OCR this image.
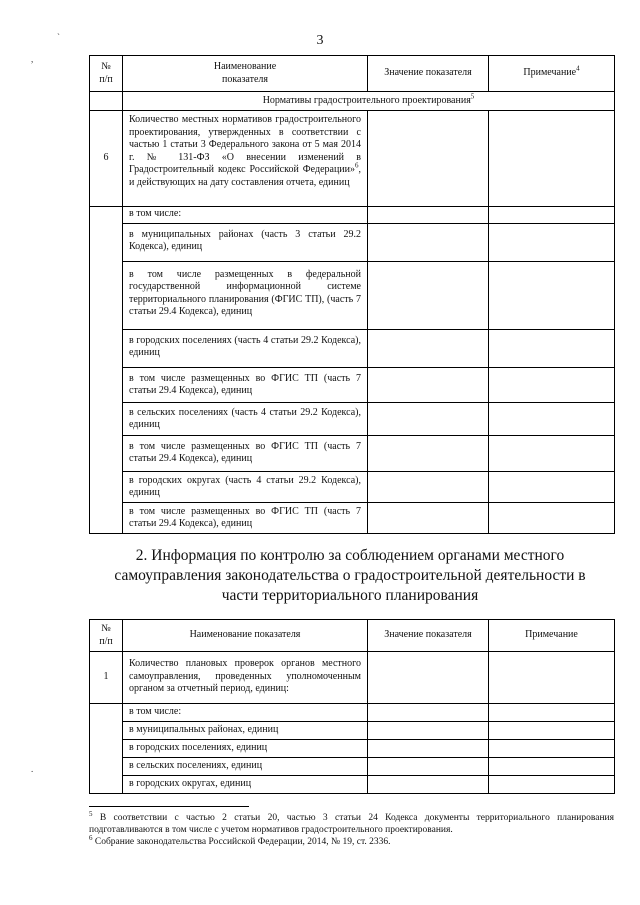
3
`
,
.
№
п/п	Наименование
показателя	Значение показателя	Примечание$^4$
	Нормативы градостроительного проектирования$^5$
6	Количество местных нормативов градостроительного проектирования, утвержденных в соответствии с частью 1 статьи 3 Федерального закона от 5 мая 2014 г. № 131-ФЗ «О внесении изменений в Градостроительный кодекс Российской Федерации»$^6$, и действующих на дату составления отчета, единиц		

	в том числе:		

	в муниципальных районах (часть 3 статьи 29.2 Кодекса), единиц		

	в том числе размещенных в федеральной государственной информационной системе территориального планирования (ФГИС ТП), (часть 7 статьи 29.4 Кодекса), единиц		

	в городских поселениях (часть 4 статьи 29.2 Кодекса), единиц		

	в том числе размещенных во ФГИС ТП (часть 7 статьи 29.4 Кодекса), единиц		

	в сельских поселениях (часть 4 статьи 29.2 Кодекса), единиц		

	в том числе размещенных во ФГИС ТП (часть 7 статьи 29.4 Кодекса), единиц		

	в городских округах (часть 4 статьи 29.2 Кодекса), единиц		

	в том числе размещенных во ФГИС ТП (часть 7 статьи 29.4 Кодекса), единиц		

2. Информация по контролю за соблюдением органами местного самоуправления законодательства о градостроительной деятельности в части территориального планирования
№
п/п	Наименование показателя	Значение показателя	Примечание
1	Количество плановых проверок органов местного самоуправления, проведенных уполномоченным органом за отчетный период, единиц:		

	в том числе:		

	в муниципальных районах, единиц		

	в городских поселениях, единиц		

	в сельских поселениях, единиц		

	в городских округах, единиц		

$^5$ В соответствии с частью 2 статьи 20, частью 3 статьи 24 Кодекса документы территориального планирования подготавливаются в том числе с учетом нормативов градостроительного проектирования.

$^6$ Собрание законодательства Российской Федерации, 2014, № 19, ст. 2336.
